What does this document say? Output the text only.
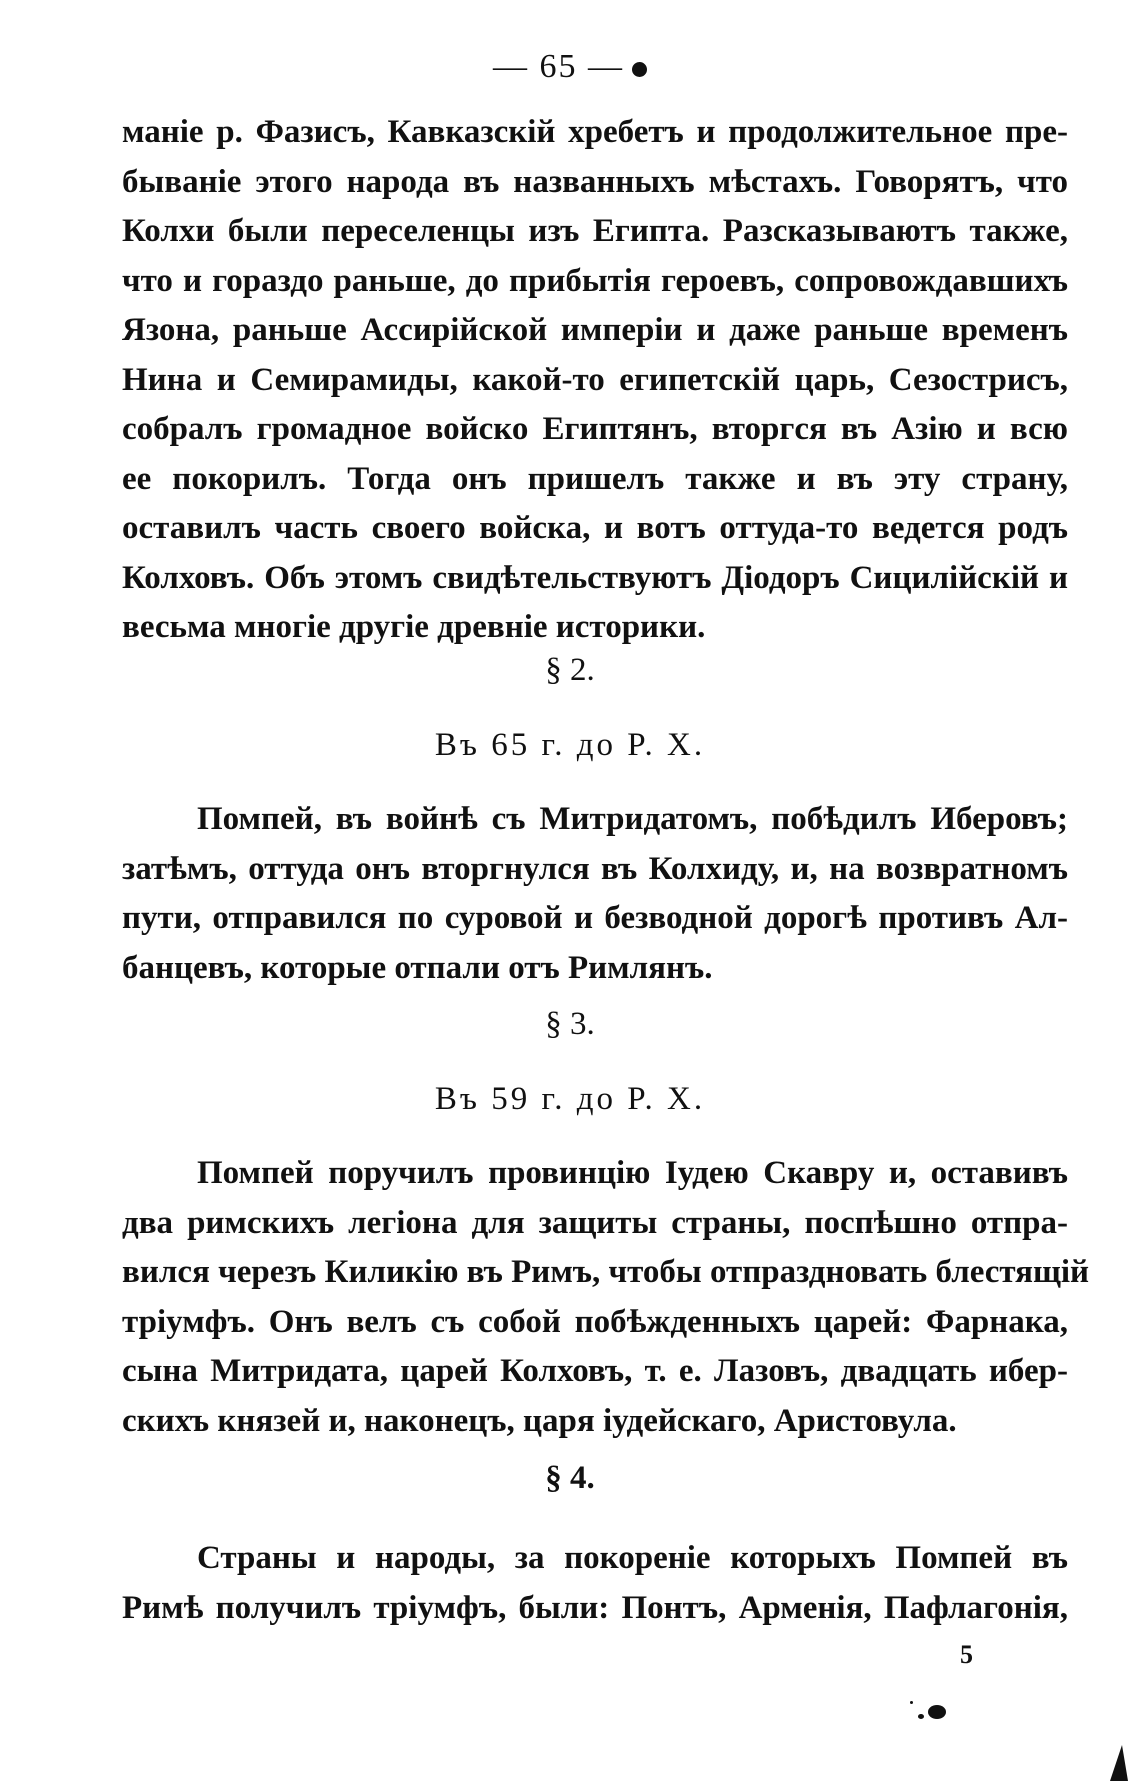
— 65 —
маніе р. Фазисъ, Кавказскій хребетъ и продолжительное пре-
быванiе этого народа въ названныхъ мѣстахъ. Говорятъ, что
Колхи были переселенцы изъ Египта. Разсказываютъ также,
что и гораздо раньше, до прибытія героевъ, сопровождавшихъ
Язона, раньше Ассирійской имперіи и даже раньше временъ
Нина и Семирамиды, какой-то египетскій царь, Сезострисъ,
собралъ громадное войско Египтянъ, вторгся въ Азію и всю
ее покорилъ. Тогда онъ пришелъ также и въ эту страну,
оставилъ часть своего войска, и вотъ оттуда-то ведется родъ
Колховъ. Объ этомъ свидѣтельствуютъ Діодоръ Сицилійскій и
весьма многіе другіе древніе историки.
§ 2.
Въ 65 г. до Р. Х.
Помпей, въ войнѣ съ Митридатомъ, побѣдилъ Иберовъ;
затѣмъ, оттуда онъ вторгнулся въ Колхиду, и, на возвратномъ
пути, отправился по суровой и безводной дорогѣ противъ Ал-
банцевъ, которые отпали отъ Римлянъ.
§ 3.
Въ 59 г. до Р. Х.
Помпей поручилъ провинцію Іудею Скавру и, оставивъ
два римскихъ легіона для защиты страны, поспѣшно отпра-
вился черезъ Киликію въ Римъ, чтобы отпраздновать блестящій
тріумфъ. Онъ велъ съ собой побѣжденныхъ царей: Фарнака,
сына Митридата, царей Колховъ, т. е. Лазовъ, двадцать ибер-
скихъ князей и, наконецъ, царя іудейскаго, Аристовула.
§ 4.
Страны и народы, за покореніе которыхъ Помпей въ
Римѣ получилъ тріумфъ, были: Понтъ, Арменія, Пафлагонія,
5
